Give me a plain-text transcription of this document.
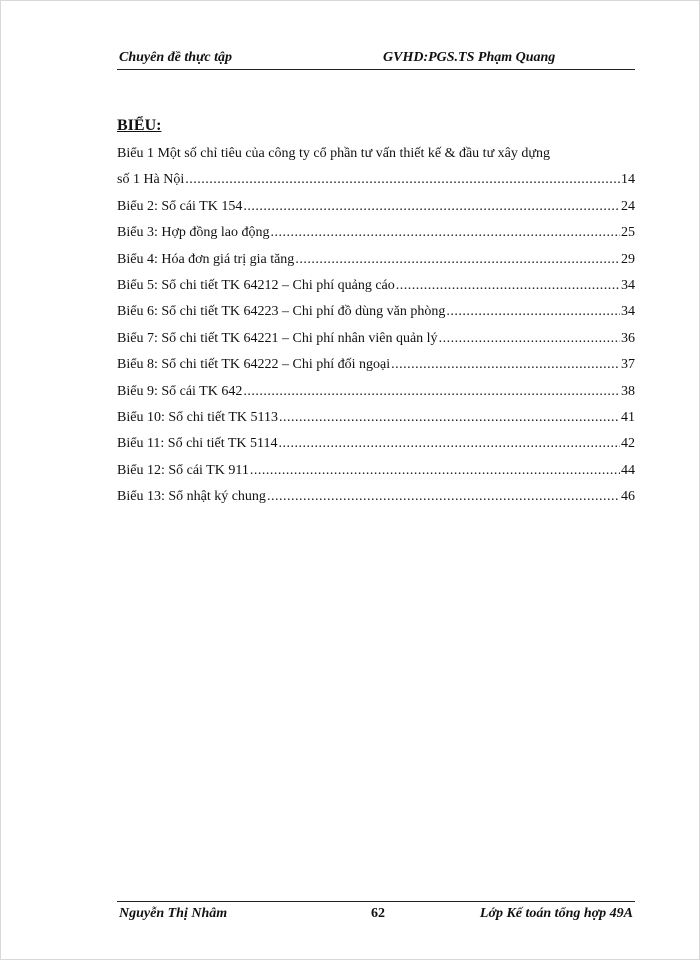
Chuyên đề thực tập	GVHD:PGS.TS Phạm Quang
BIỂU:
Biểu 1 Một số chỉ tiêu của công ty cổ phần tư vấn thiết kế & đầu tư xây dựng
số 1 Hà Nội .....	14
Biểu 2: Sổ cái TK 154 .....	24
Biểu 3: Hợp đồng lao động .....	25
Biểu 4: Hóa đơn giá trị gia tăng .....	29
Biểu 5: Sổ chi tiết TK 64212 – Chi phí quảng cáo .....	34
Biểu 6: Sổ chi tiết TK 64223 – Chi phí đồ dùng văn phòng .....	34
Biểu 7: Sổ chi tiết TK 64221 – Chi phí nhân viên quản lý .....	36
Biểu 8: Sổ chi tiết TK 64222 – Chi phí đối ngoại .....	37
Biểu 9: Sổ cái TK 642 .....	38
Biểu 10: Sổ chi tiết TK 5113 .....	41
Biểu 11: Sổ chi tiết TK 5114 .....	42
Biểu 12: Sổ cái TK 911 .....	44
Biểu 13: Sổ nhật ký chung .....	46
Nguyễn Thị Nhâm	62	Lớp Kế toán tổng hợp 49A
